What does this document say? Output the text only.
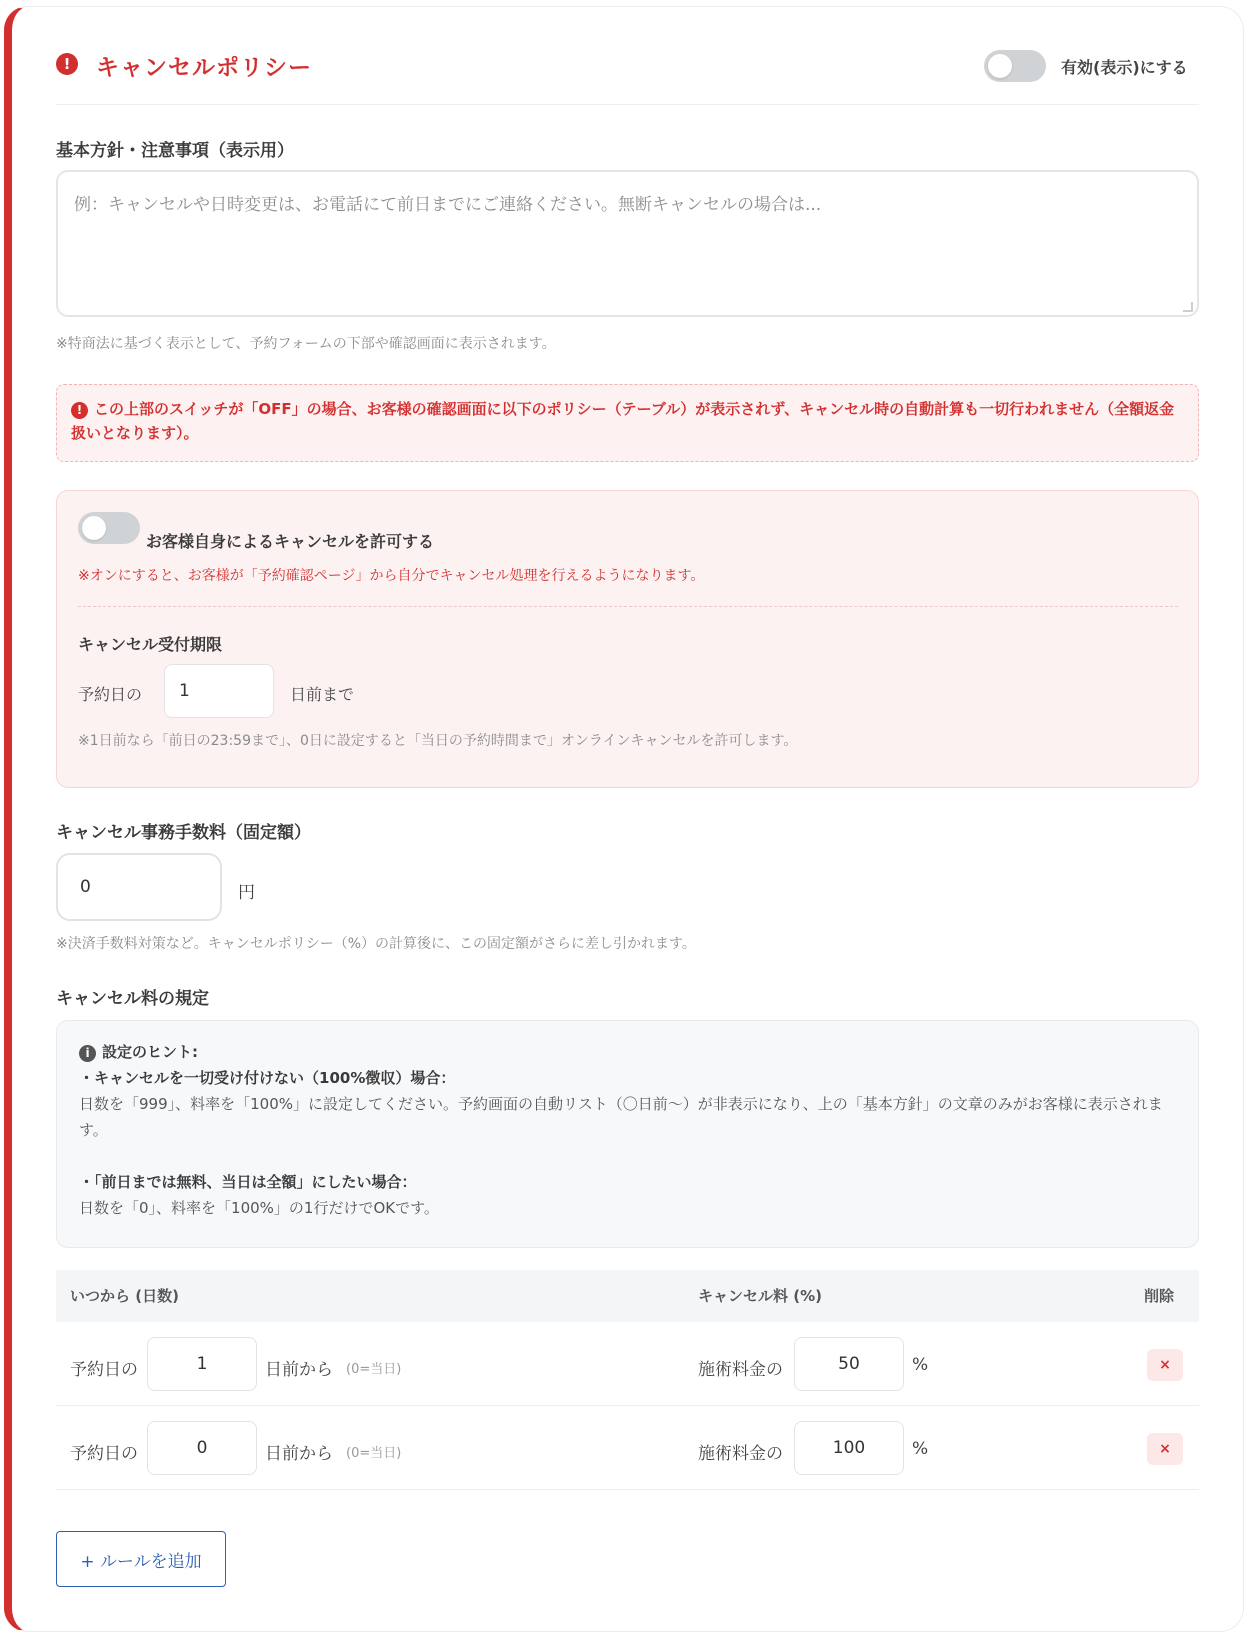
!	キャンセルポリシー	有効(表示)にする
基本方針・注意事項（表示用）
例：キャンセルや日時変更は、お電話にて前日までにご連絡ください。無断キャンセルの場合は...
※特商法に基づく表示として、予約フォームの下部や確認画面に表示されます。
! この上部のスイッチが「OFF」の場合、お客様の確認画面に以下のポリシー（テーブル）が表示されず、キャンセル時の自動計算も一切行われません（全額返金扱いとなります）。
お客様自身によるキャンセルを許可する
※オンにすると、お客様が「予約確認ページ」から自分でキャンセル処理を行えるようになります。
キャンセル受付期限
予約日の	1	日前まで
※1日前なら「前日の23:59まで」、0日に設定すると「当日の予約時間まで」オンラインキャンセルを許可します。
キャンセル事務手数料（固定額）
0	円
※決済手数料対策など。キャンセルポリシー（%）の計算後に、この固定額がさらに差し引かれます。
キャンセル料の規定
i 設定のヒント:
・キャンセルを一切受け付けない（100%徴収）場合：
日数を「999」、料率を「100%」に設定してください。予約画面の自動リスト（〇日前〜）が非表示になり、上の「基本方針」の文章のみがお客様に表示されます。
・「前日までは無料、当日は全額」にしたい場合：
日数を「0」、料率を「100%」の1行だけでOKです。
いつから (日数)	キャンセル料 (%)	削除
予約日の	1	日前から (0=当日)	施術料金の	50	%	×
予約日の	0	日前から (0=当日)	施術料金の	100	%	×
+ ルールを追加
